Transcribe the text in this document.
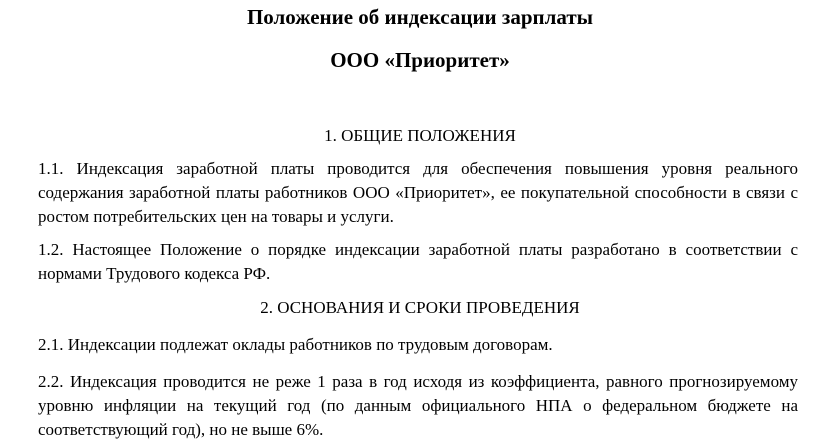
Положение об индексации зарплаты
ООО «Приоритет»
1. ОБЩИЕ ПОЛОЖЕНИЯ
1.1. Индексация заработной платы проводится для обеспечения повышения уровня реального содержания заработной платы работников ООО «Приоритет», ее покупательной способности в связи с ростом потребительских цен на товары и услуги.
1.2. Настоящее Положение о порядке индексации заработной платы разработано в соответствии с нормами Трудового кодекса РФ.
2. ОСНОВАНИЯ И СРОКИ ПРОВЕДЕНИЯ
2.1. Индексации подлежат оклады работников по трудовым договорам.
2.2. Индексация проводится не реже 1 раза в год исходя из коэффициента, равного прогнозируемому уровню инфляции на текущий год (по данным официального НПА о федеральном бюджете на соответствующий год), но не выше 6%.
